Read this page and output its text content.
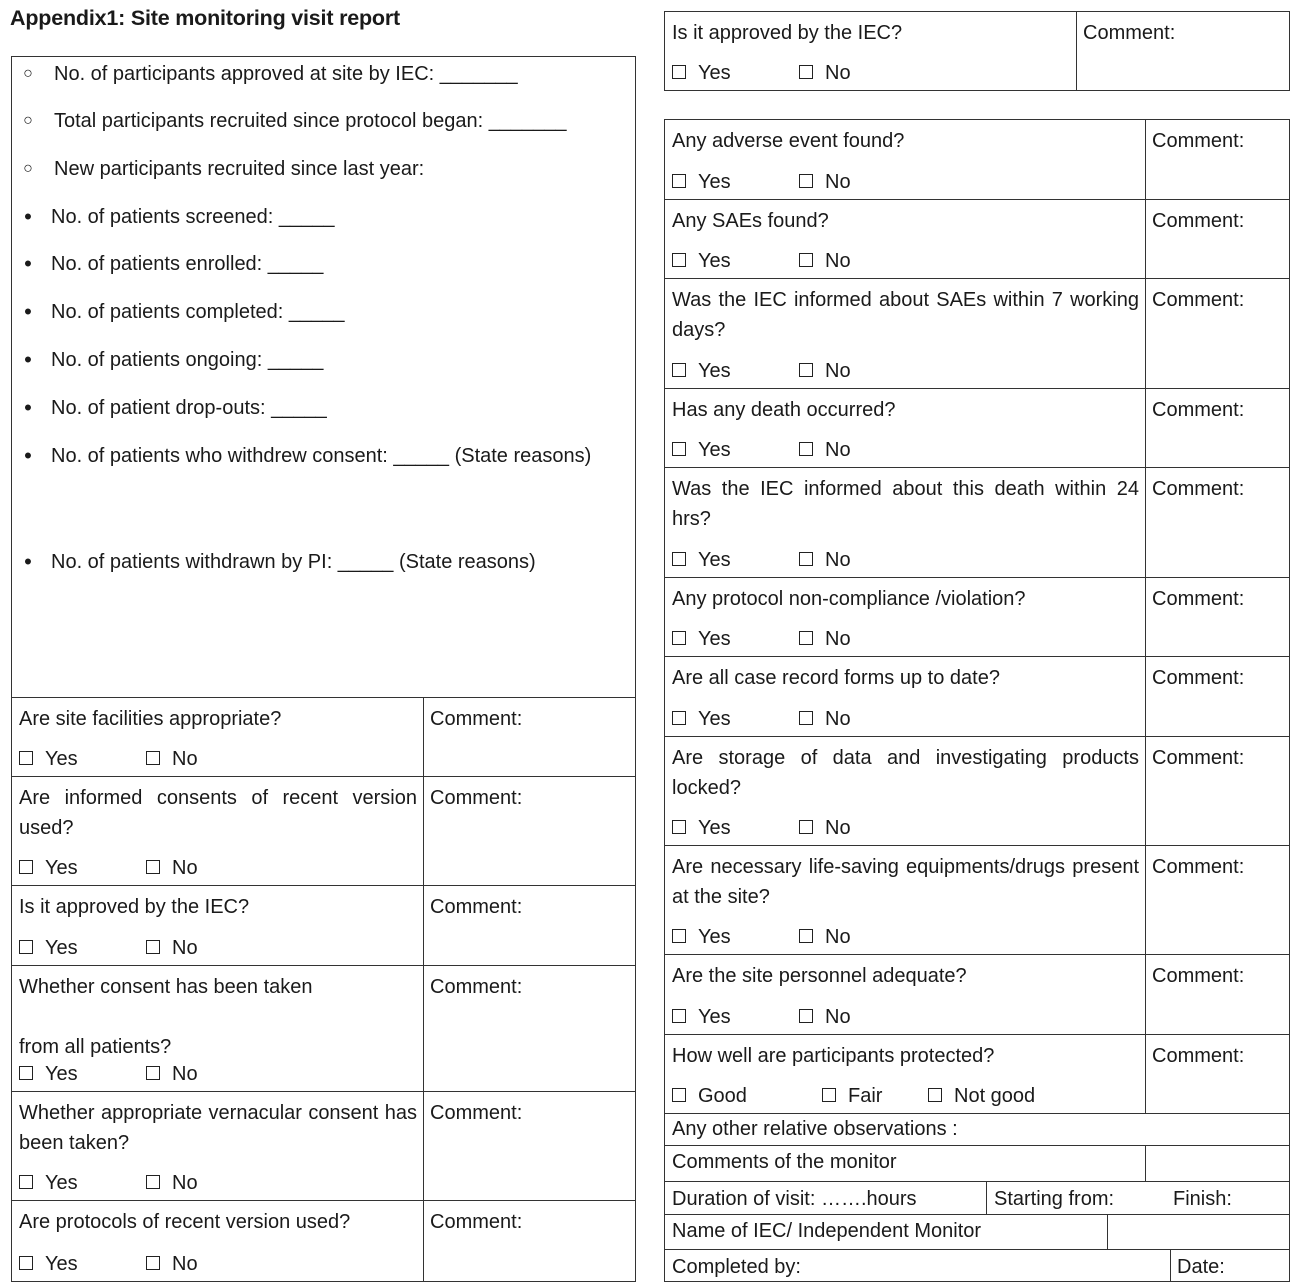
Appendix1: Site monitoring visit report
○ No. of participants approved at site by IEC: _______
○ Total participants recruited since protocol began: _______
○ New participants recruited since last year:
• No. of patients screened: _____
• No. of patients enrolled: _____
• No. of patients completed: _____
• No. of patients ongoing: _____
• No. of patient drop-outs: _____
• No. of patients who withdrew consent: _____ (State reasons)
• No. of patients withdrawn by PI: _____ (State reasons)
Are site facilities appropriate?
Yes	No
Comment:
Are informed consents of recent version used?
Yes	No
Comment:
Is it approved by the IEC?
Yes	No
Comment:
Whether consent has been taken

from all patients?
Yes	No
Comment:
Whether appropriate vernacular consent has been taken?
Yes	No
Comment:
Are protocols of recent version used?
Yes	No
Comment:
Is it approved by the IEC?
Yes	No
Comment:
Any adverse event found?
Yes	No
Comment:
Any SAEs found?
Yes	No
Comment:
Was the IEC informed about SAEs within 7 working days?
Yes	No
Comment:
Has any death occurred?
Yes	No
Comment:
Was the IEC informed about this death within 24 hrs?
Yes	No
Comment:
Any protocol non-compliance /violation?
Yes	No
Comment:
Are all case record forms up to date?
Yes	No
Comment:
Are storage of data and investigating products locked?
Yes	No
Comment:
Are necessary life-saving equipments/drugs present at the site?
Yes	No
Comment:
Are the site personnel adequate?
Yes	No
Comment:
How well are participants protected?
Good	Fair	Not good
Comment:
Any other relative observations :
Comments of the monitor
Duration of visit: …….hours	Starting from:	Finish:
Name of IEC/ Independent Monitor
Completed by:	Date:
